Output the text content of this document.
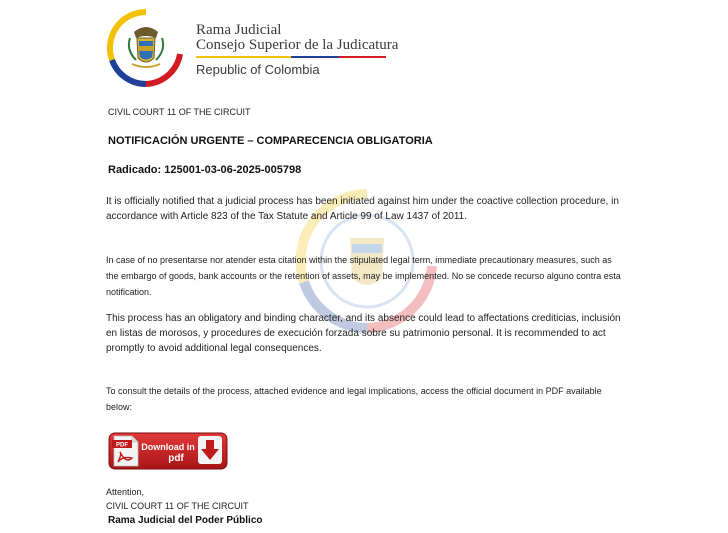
Rama Judicial
Consejo Superior de la Judicatura
Republic of Colombia
CIVIL COURT 11 OF THE CIRCUIT
NOTIFICACIÓN URGENTE – COMPARECENCIA OBLIGATORIA
Radicado: 125001-03-06-2025-005798
It is officially notified that a judicial process has been initiated against him under the coactive collection procedure, in accordance with Article 823 of the Tax Statute and Article 99 of Law 1437 of 2011.
In case of no presentarse nor atender esta citation within the stipulated legal term, immediate precautionary measures, such as the embargo of goods, bank accounts or the retention of assets, may be implemented. No se concede recurso alguno contra esta notification.
This process has an obligatory and binding character, and its absence could lead to affectations crediticias, inclusión en listas de morosos, y procedures de execución forzada sobre su patrimonio personal. It is recommended to act promptly to avoid additional legal consequences.
To consult the details of the process, attached evidence and legal implications, access the official document in PDF available below:
PDF Download in
pdf
Attention,
CIVIL COURT 11 OF THE CIRCUIT
Rama Judicial del Poder Público
